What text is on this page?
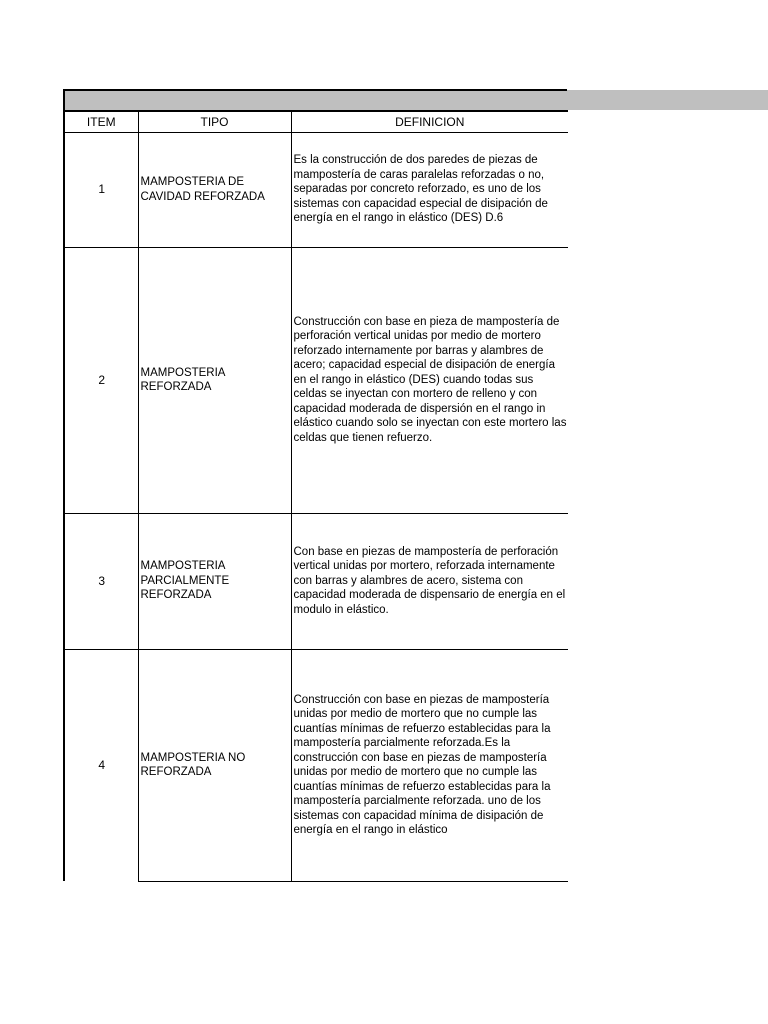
ITEM	TIPO	DEFINICION
1	MAMPOSTERIA DE CAVIDAD REFORZADA	Es la construcción de dos paredes de piezas de mampostería de caras paralelas reforzadas o no, separadas por concreto reforzado, es uno de los sistemas con capacidad especial de disipación de energía en el rango in elástico (DES) D.6
2	MAMPOSTERIA REFORZADA	Construcción con base en pieza de mampostería de perforación vertical unidas por medio de mortero reforzado internamente por barras y alambres de acero; capacidad especial de disipación de energía en el rango in elástico (DES) cuando todas sus celdas se inyectan con mortero de relleno y con capacidad moderada de dispersión en el rango in elástico cuando solo se inyectan con este mortero las celdas que tienen refuerzo.
3	MAMPOSTERIA PARCIALMENTE REFORZADA	Con base en piezas de mampostería de perforación vertical unidas por mortero, reforzada internamente con barras y alambres de acero, sistema con capacidad moderada de dispensario de energía en el modulo in elástico.
4	MAMPOSTERIA NO REFORZADA	Construcción con base en piezas de mampostería unidas por medio de mortero que no cumple las cuantías mínimas de refuerzo establecidas para la mampostería parcialmente reforzada.Es la construcción con base en piezas de mampostería unidas por medio de mortero que no cumple las cuantías mínimas de refuerzo establecidas para la mampostería parcialmente reforzada. uno de los sistemas con capacidad mínima de disipación de energía en el rango in elástico
